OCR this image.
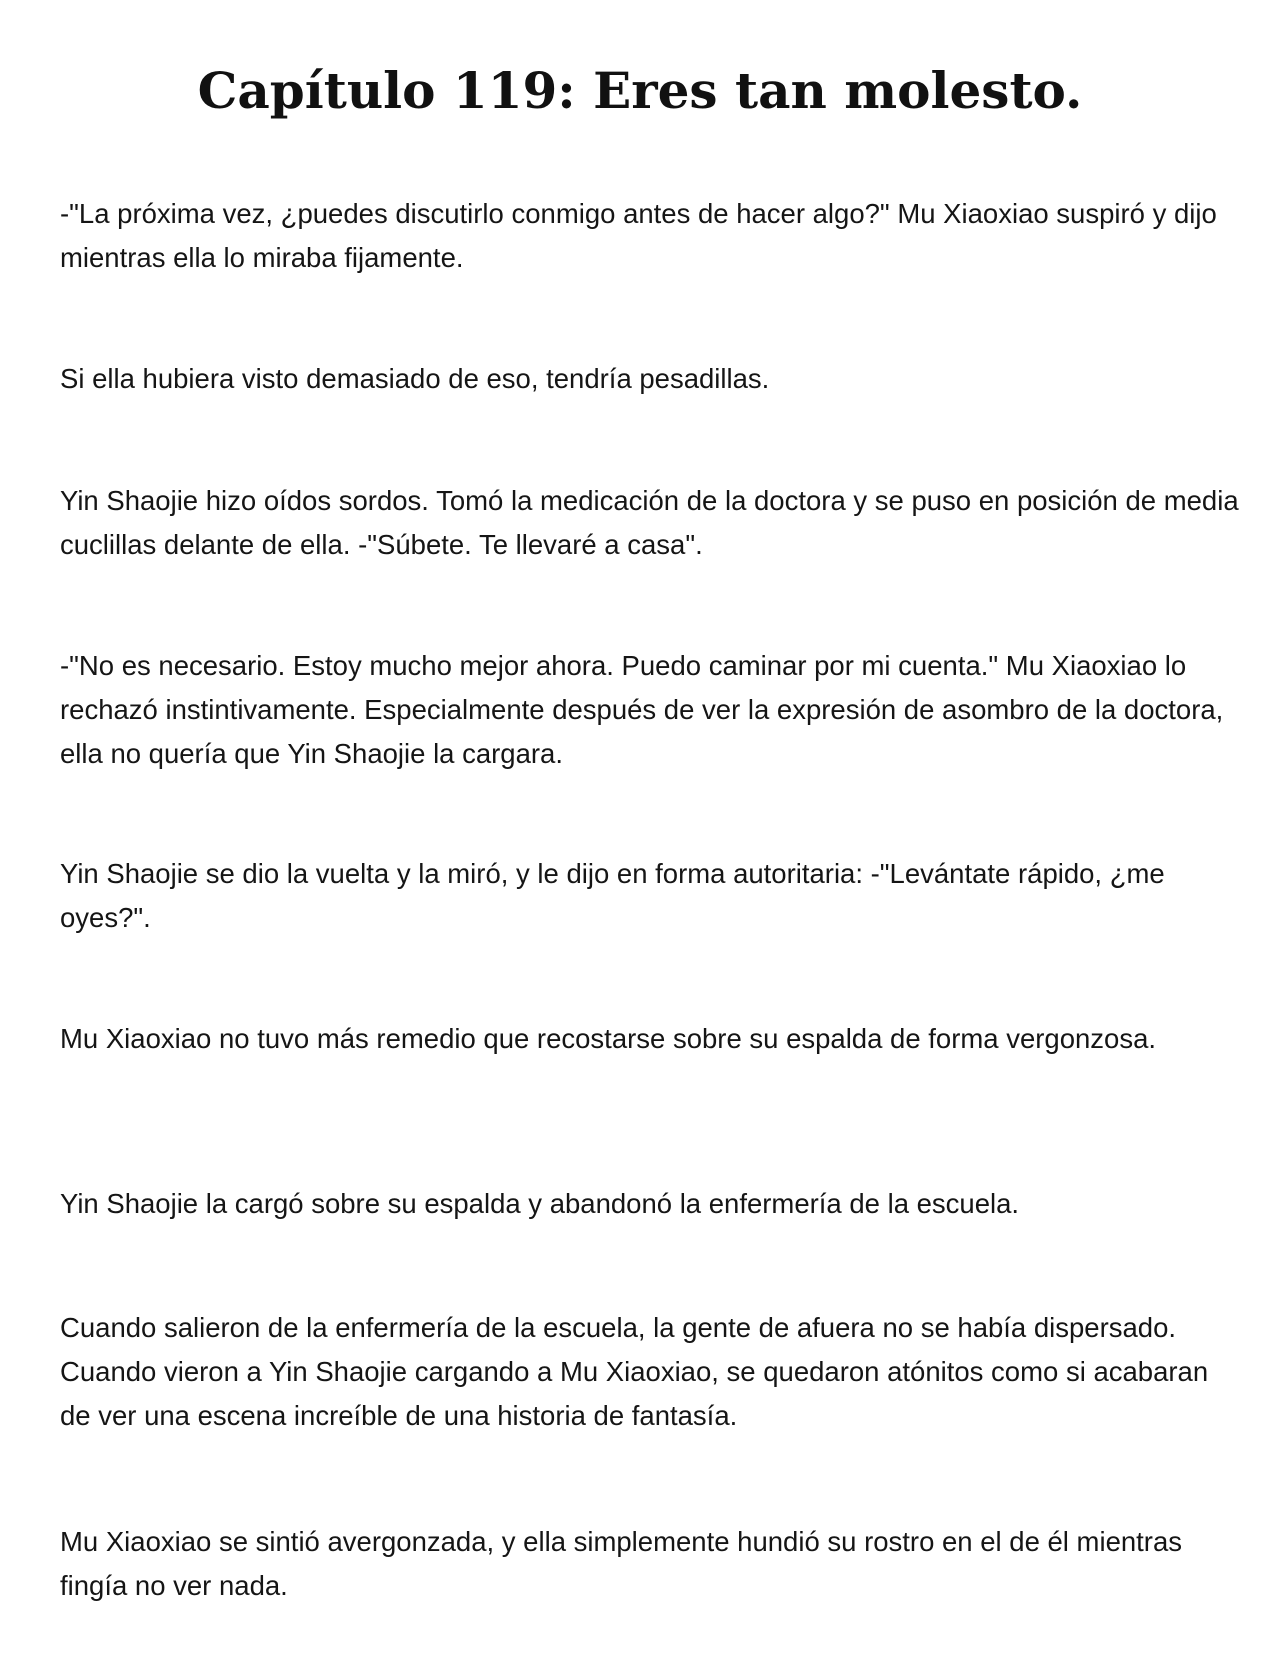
Capítulo 119: Eres tan molesto.

-"La próxima vez, ¿puedes discutirlo conmigo antes de hacer algo?" Mu Xiaoxiao suspiró y dijo mientras ella lo miraba fijamente.

Si ella hubiera visto demasiado de eso, tendría pesadillas.

Yin Shaojie hizo oídos sordos. Tomó la medicación de la doctora y se puso en posición de media cuclillas delante de ella. -"Súbete. Te llevaré a casa".

-"No es necesario. Estoy mucho mejor ahora. Puedo caminar por mi cuenta." Mu Xiaoxiao lo rechazó instintivamente. Especialmente después de ver la expresión de asombro de la doctora, ella no quería que Yin Shaojie la cargara.

Yin Shaojie se dio la vuelta y la miró, y le dijo en forma autoritaria: -"Levántate rápido, ¿me oyes?".

Mu Xiaoxiao no tuvo más remedio que recostarse sobre su espalda de forma vergonzosa.

Yin Shaojie la cargó sobre su espalda y abandonó la enfermería de la escuela.

Cuando salieron de la enfermería de la escuela, la gente de afuera no se había dispersado. Cuando vieron a Yin Shaojie cargando a Mu Xiaoxiao, se quedaron atónitos como si acabaran de ver una escena increíble de una historia de fantasía.

Mu Xiaoxiao se sintió avergonzada, y ella simplemente hundió su rostro en el de él mientras fingía no ver nada.
